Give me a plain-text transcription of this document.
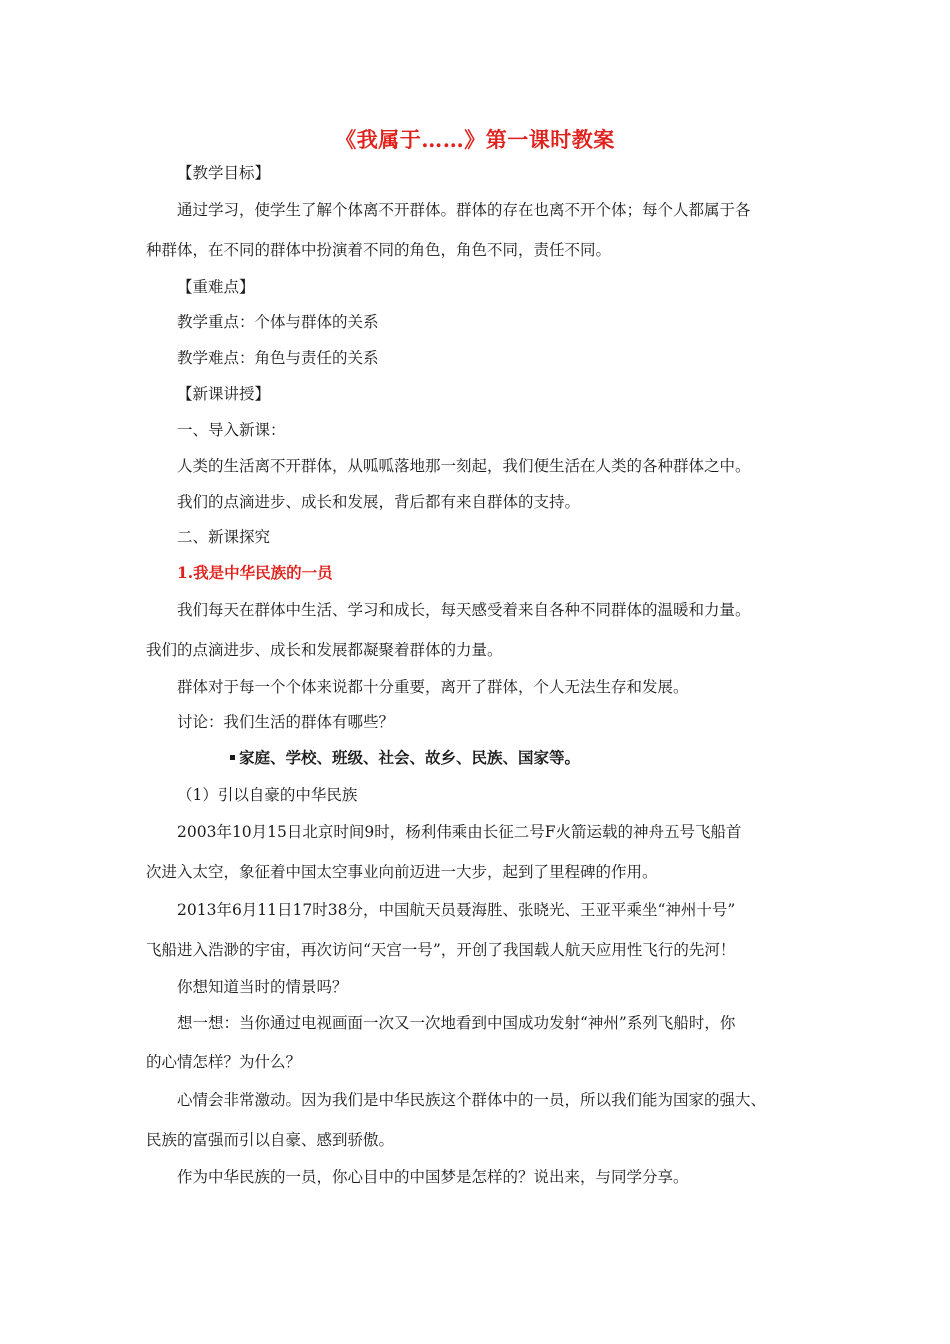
《我属于……》第一课时教案
【教学目标】
通过学习，使学生了解个体离不开群体。群体的存在也离不开个体；每个人都属于各
种群体，在不同的群体中扮演着不同的角色，角色不同，责任不同。
【重难点】
教学重点：个体与群体的关系
教学难点：角色与责任的关系
【新课讲授】
一、导入新课：
人类的生活离不开群体，从呱呱落地那一刻起，我们便生活在人类的各种群体之中。
我们的点滴进步、成长和发展，背后都有来自群体的支持。
二、新课探究
1.我是中华民族的一员
我们每天在群体中生活、学习和成长，每天感受着来自各种不同群体的温暖和力量。
我们的点滴进步、成长和发展都凝聚着群体的力量。
群体对于每一个个体来说都十分重要，离开了群体，个人无法生存和发展。
讨论：我们生活的群体有哪些？
家庭、学校、班级、社会、故乡、民族、国家等。
（1）引以自豪的中华民族
2003年10月15日北京时间9时，杨利伟乘由长征二号F火箭运载的神舟五号飞船首
次进入太空，象征着中国太空事业向前迈进一大步，起到了里程碑的作用。
2013年6月11日17时38分，中国航天员聂海胜、张晓光、王亚平乘坐“神州十号”
飞船进入浩渺的宇宙，再次访问“天宫一号”，开创了我国载人航天应用性飞行的先河！
你想知道当时的情景吗？
想一想：当你通过电视画面一次又一次地看到中国成功发射“神州”系列飞船时，你
的心情怎样？为什么？
心情会非常激动。因为我们是中华民族这个群体中的一员，所以我们能为国家的强大、
民族的富强而引以自豪、感到骄傲。
作为中华民族的一员，你心目中的中国梦是怎样的？说出来，与同学分享。
